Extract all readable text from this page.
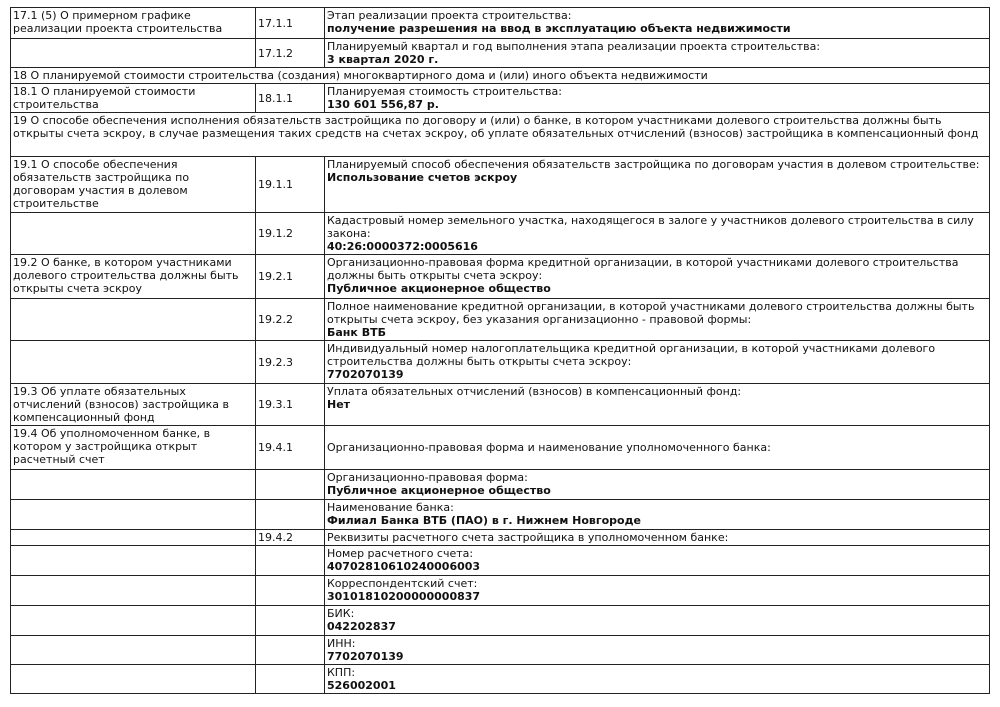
17.1 (5) О примерном графике реализации проекта строительства	17.1.1	Этап реализации проекта строительства:
получение разрешения на ввод в эксплуатацию объекта недвижимости

	17.1.2	Планируемый квартал и год выполнения этапа реализации проекта строительства:
3 квартал 2020 г.

18 О планируемой стоимости строительства (создания) многоквартирного дома и (или) иного объекта недвижимости		
18.1 О планируемой стоимости строительства	18.1.1	Планируемая стоимость строительства:
130 601 556,87 р.

19 О способе обеспечения исполнения обязательств застройщика по договору и (или) о банке, в котором участниками долевого строительства должны быть открыты счета эскроу, в случае размещения таких средств на счетах эскроу, об уплате обязательных отчислений (взносов) застройщика в компенсационный фонд		
19.1 О способе обеспечения обязательств застройщика по договорам участия в долевом строительстве	19.1.1	Планируемый способ обеспечения обязательств застройщика по договорам участия в долевом строительстве:
Использование счетов эскроу

	19.1.2	Кадастровый номер земельного участка, находящегося в залоге у участников долевого строительства в силу закона:
40:26:0000372:0005616

19.2 О банке, в котором участниками долевого строительства должны быть открыты счета эскроу	19.2.1	Организационно-правовая форма кредитной организации, в которой участниками долевого строительства должны быть открыты счета эскроу:
Публичное акционерное общество

	19.2.2	Полное наименование кредитной организации, в которой участниками долевого строительства должны быть открыты счета эскроу, без указания организационно - правовой формы:
Банк ВТБ

	19.2.3	Индивидуальный номер налогоплательщика кредитной организации, в которой участниками долевого строительства должны быть открыты счета эскроу:
7702070139

19.3 Об уплате обязательных отчислений (взносов) застройщика в компенсационный фонд	19.3.1	Уплата обязательных отчислений (взносов) в компенсационный фонд:
Нет

19.4 Об уполномоченном банке, в котором у застройщика открыт расчетный счет	19.4.1	Организационно-правовая форма и наименование уполномоченного банка:

		Организационно-правовая форма:
Публичное акционерное общество

		Наименование банка:
Филиал Банка ВТБ (ПАО) в г. Нижнем Новгороде

	19.4.2	Реквизиты расчетного счета застройщика в уполномоченном банке:

		Номер расчетного счета:
40702810610240006003

		Корреспондентский счет:
30101810200000000837

		БИК:
042202837

		ИНН:
7702070139

		КПП:
526002001
